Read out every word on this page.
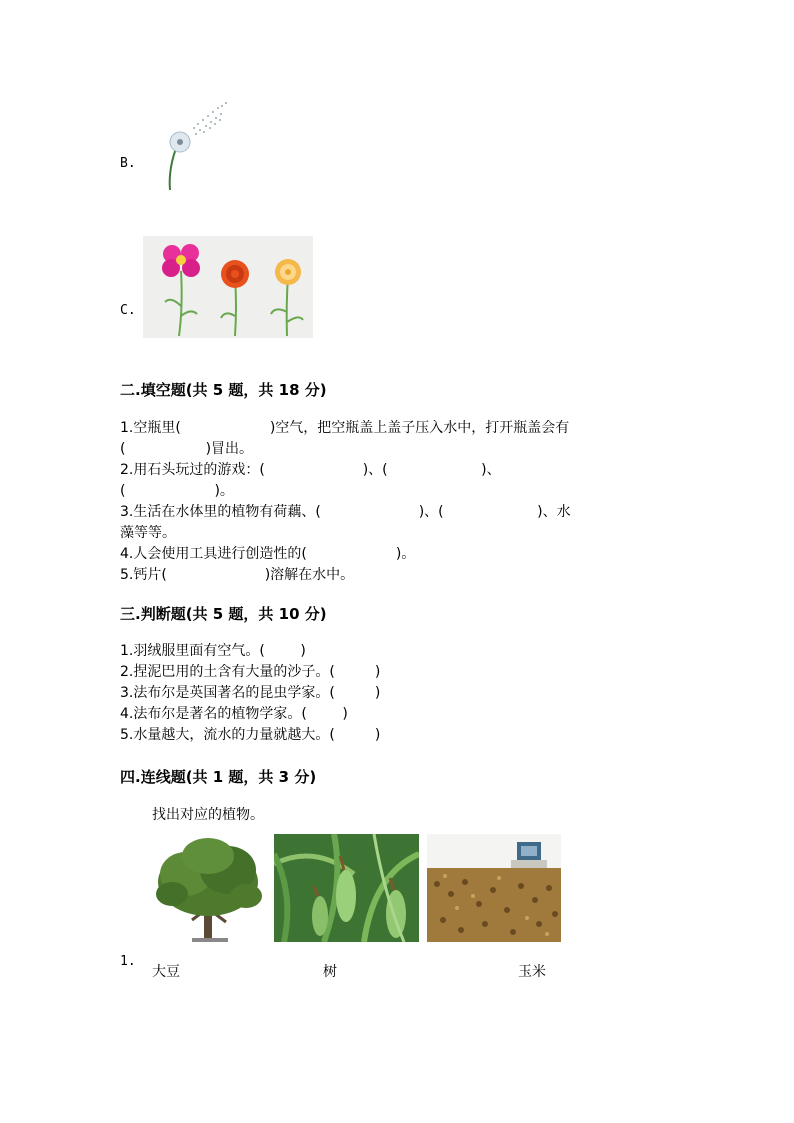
B.
C.
二.填空题(共 5 题，共 18 分)
1.空瓶里(                    )空气，把空瓶盖上盖子压入水中，打开瓶盖会有
(                  )冒出。
2.用石头玩过的游戏：(                      )、(                     )、
(                    )。
3.生活在水体里的植物有荷藕、(                      )、(                     )、水
藻等等。
4.人会使用工具进行创造性的(                    )。
5.钙片(                      )溶解在水中。
三.判断题(共 5 题，共 10 分)
1.羽绒服里面有空气。(        )
2.捏泥巴用的土含有大量的沙子。(         )
3.法布尔是英国著名的昆虫学家。(         )
4.法布尔是著名的植物学家。(        )
5.水量越大，流水的力量就越大。(         )
四.连线题(共 1 题，共 3 分)
找出对应的植物。
1.
大豆	树	玉米
